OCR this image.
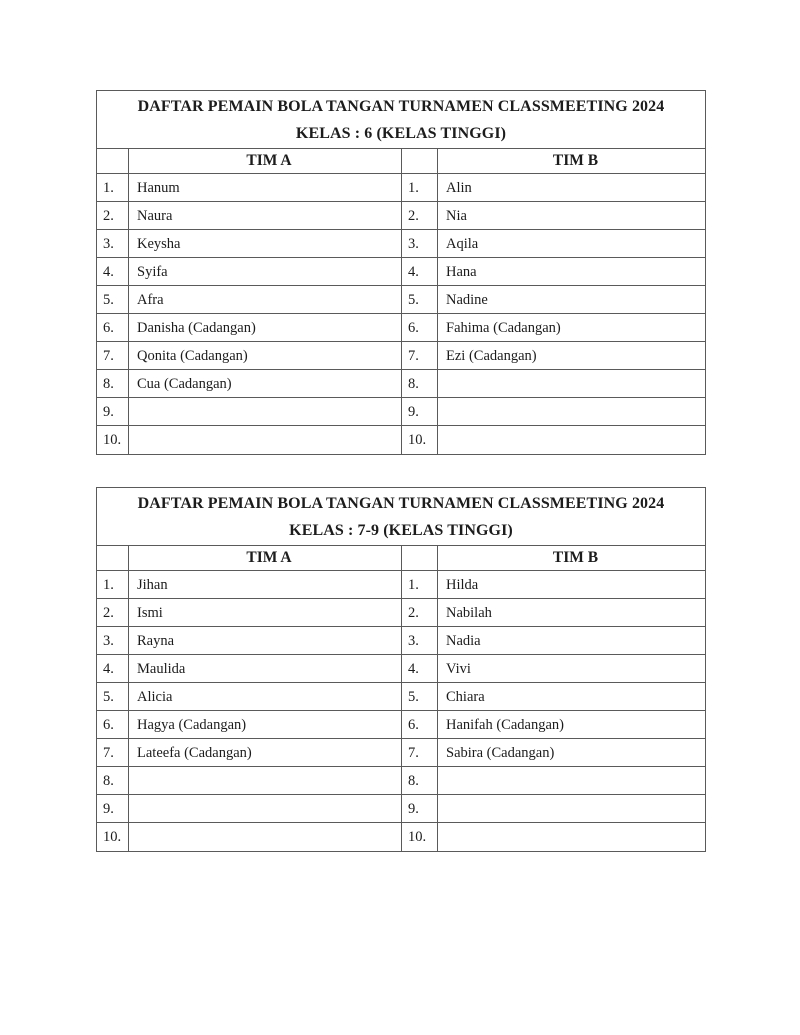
DAFTAR PEMAIN BOLA TANGAN TURNAMEN CLASSMEETING 2024
KELAS : 6 (KELAS TINGGI)
TIM A	TIM B
1.	Hanum	1.	Alin
2.	Naura	2.	Nia
3.	Keysha	3.	Aqila
4.	Syifa	4.	Hana
5.	Afra	5.	Nadine
6.	Danisha (Cadangan)	6.	Fahima (Cadangan)
7.	Qonita (Cadangan)	7.	Ezi (Cadangan)
8.	Cua (Cadangan)	8.
9.	9.
10.	10.
DAFTAR PEMAIN BOLA TANGAN TURNAMEN CLASSMEETING 2024
KELAS : 7-9 (KELAS TINGGI)
TIM A	TIM B
1.	Jihan	1.	Hilda
2.	Ismi	2.	Nabilah
3.	Rayna	3.	Nadia
4.	Maulida	4.	Vivi
5.	Alicia	5.	Chiara
6.	Hagya (Cadangan)	6.	Hanifah (Cadangan)
7.	Lateefa (Cadangan)	7.	Sabira (Cadangan)
8.	8.
9.	9.
10.	10.
